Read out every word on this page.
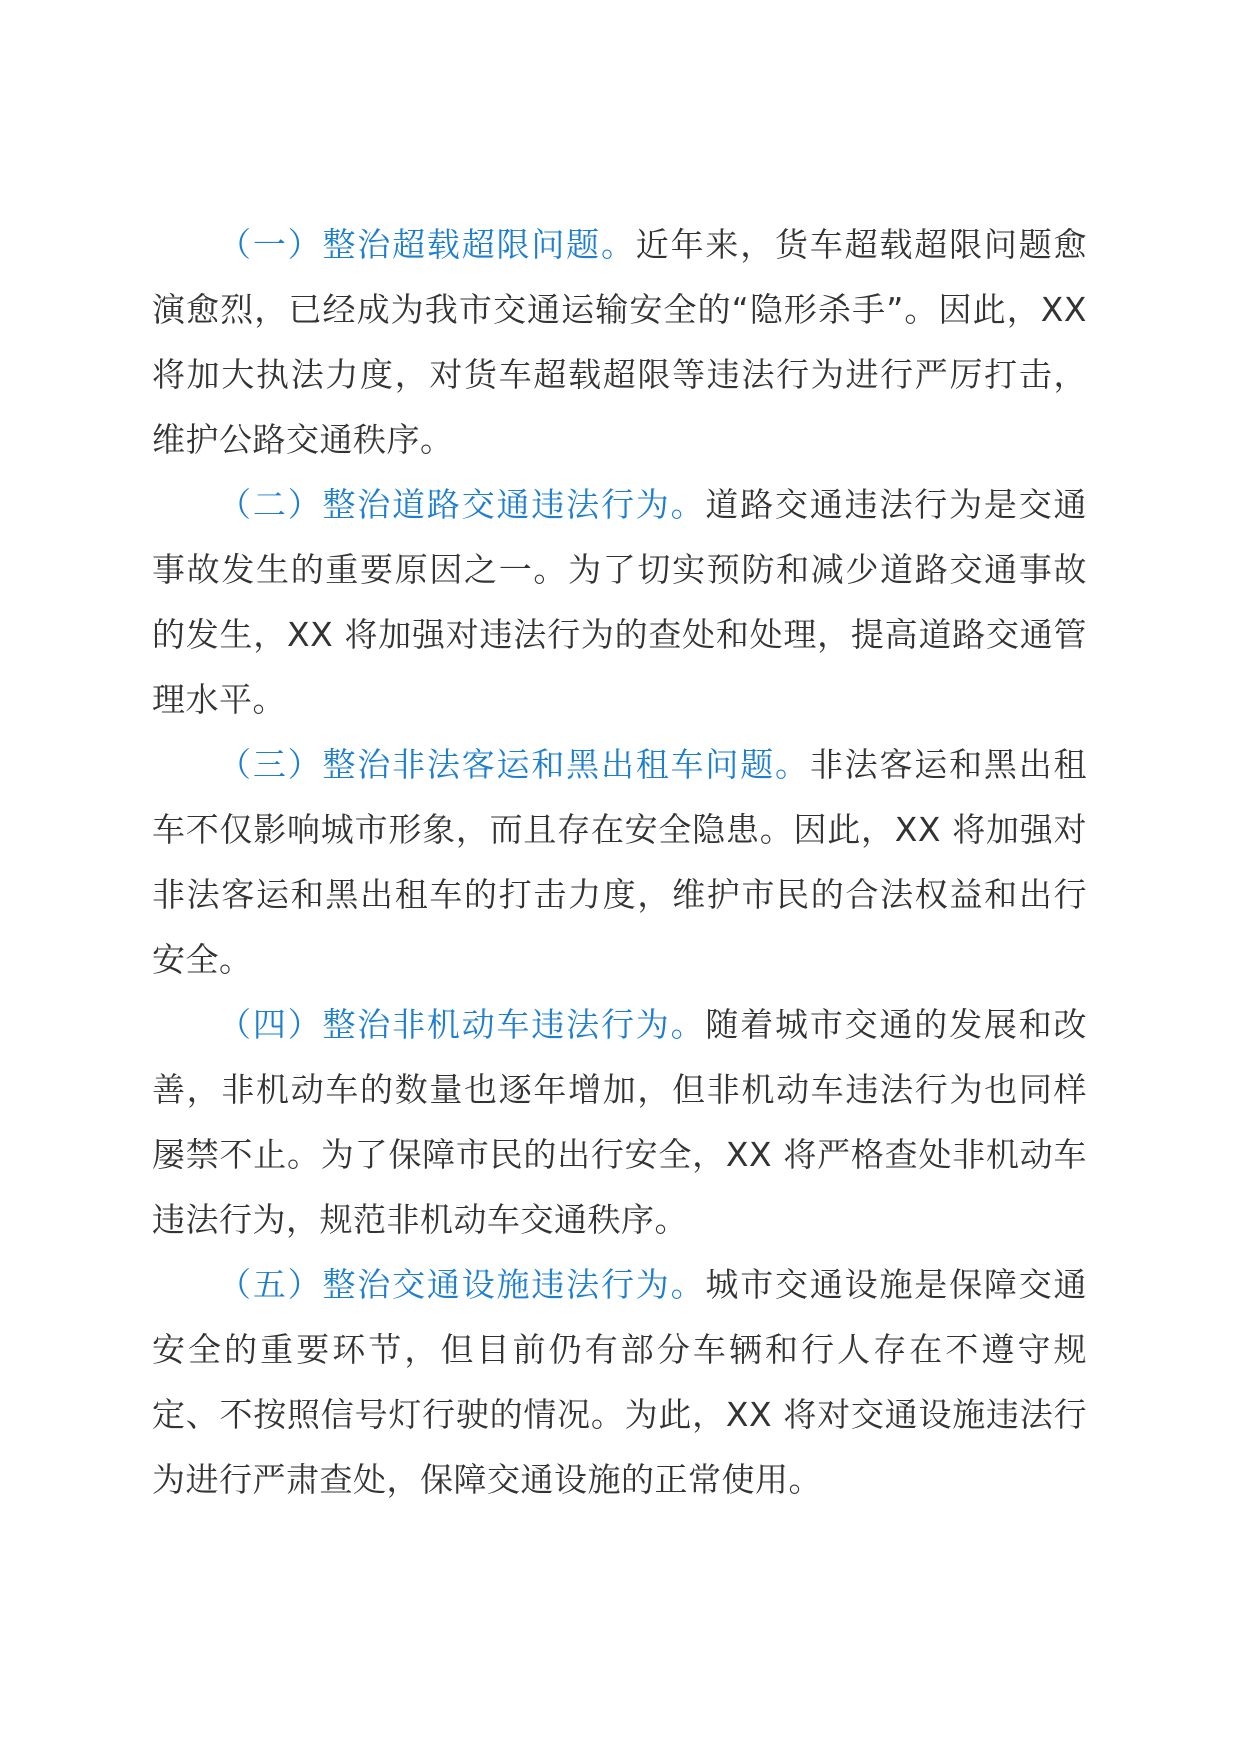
（一）整治超载超限问题。近年来，货车超载超限问题愈演愈烈，已经成为我市交通运输安全的“隐形杀手”。因此，XX 将加大执法力度，对货车超载超限等违法行为进行严厉打击，维护公路交通秩序。

（二）整治道路交通违法行为。道路交通违法行为是交通事故发生的重要原因之一。为了切实预防和减少道路交通事故的发生，XX 将加强对违法行为的查处和处理，提高道路交通管理水平。

（三）整治非法客运和黑出租车问题。非法客运和黑出租车不仅影响城市形象，而且存在安全隐患。因此，XX 将加强对非法客运和黑出租车的打击力度，维护市民的合法权益和出行安全。

（四）整治非机动车违法行为。随着城市交通的发展和改善，非机动车的数量也逐年增加，但非机动车违法行为也同样屡禁不止。为了保障市民的出行安全，XX 将严格查处非机动车违法行为，规范非机动车交通秩序。

（五）整治交通设施违法行为。城市交通设施是保障交通安全的重要环节，但目前仍有部分车辆和行人存在不遵守规定、不按照信号灯行驶的情况。为此，XX 将对交通设施违法行为进行严肃查处，保障交通设施的正常使用。
